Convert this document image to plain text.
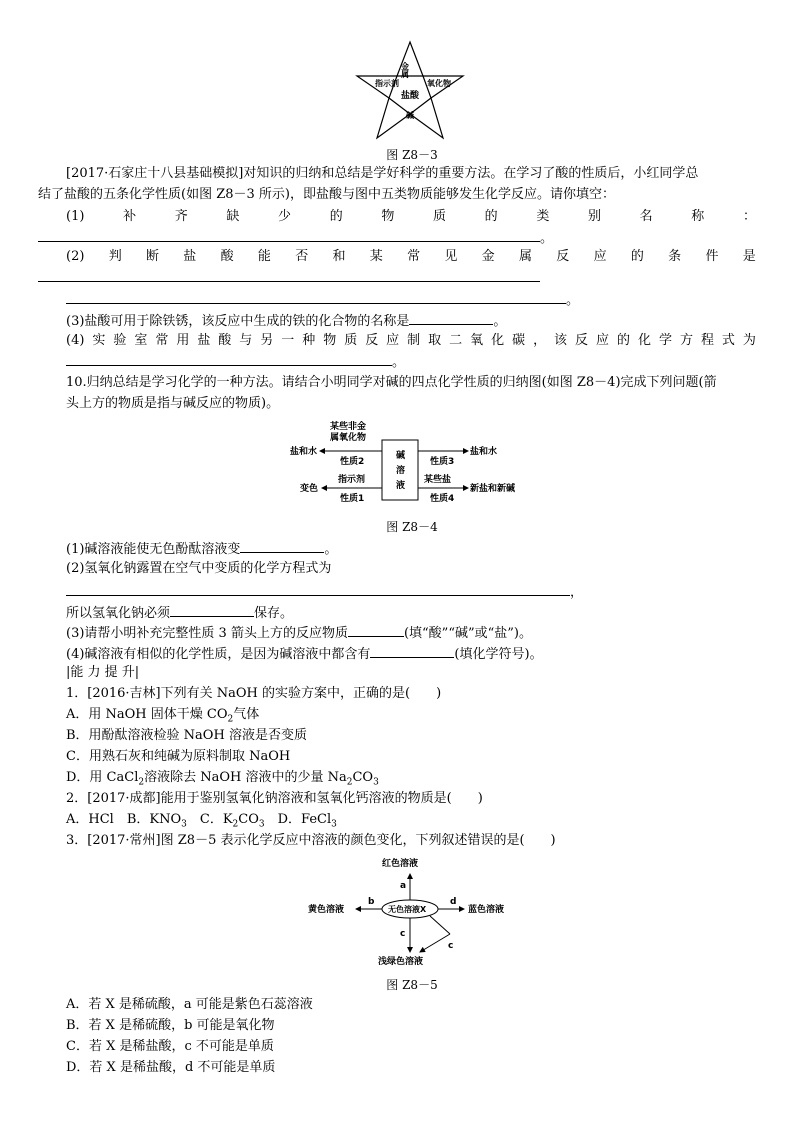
金属
指示剂	氧化物
盐酸
碱
图 Z8－3
[2017·石家庄十八县基础模拟]对知识的归纳和总结是学好科学的重要方法。在学习了酸的性质后，小红同学总
结了盐酸的五条化学性质(如图 Z8－3 所示)，即盐酸与图中五类物质能够发生化学反应。请你填空：
(1)	补	齐	缺	少	的	物	质	的	类	别	名	称	：
。
(2) 判 断 盐 酸 能 否 和 某 常 见 金 属 反 应 的 条 件 是
。
(3)盐酸可用于除铁锈，该反应中生成的铁的化合物的名称是	。
(4) 实 验 室 常 用 盐 酸 与 另 一 种 物 质 反 应 制 取 二 氧 化 碳 ， 该 反 应 的 化 学 方 程 式 为
。
10.归纳总结是学习化学的一种方法。请结合小明同学对碱的四点化学性质的归纳图(如图 Z8－4)完成下列问题(箭
头上方的物质是指与碱反应的物质)。
碱
溶
液
某些非金
属氧化物
盐和水
性质2
指示剂
变色
性质1
盐和水
性质3
某些盐
新盐和新碱
性质4
图 Z8－4
(1)碱溶液能使无色酚酞溶液变	。
(2)氢氧化钠露置在空气中变质的化学方程式为
，
所以氢氧化钠必须	保存。
(3)请帮小明补充完整性质 3 箭头上方的反应物质	(填“酸”“碱”或“盐”)。
(4)碱溶液有相似的化学性质，是因为碱溶液中都含有	(填化学符号)。
|能 力 提 升|
1．[2016·吉林]下列有关 NaOH 的实验方案中，正确的是(　　)
A．用 NaOH 固体干燥 $CO_2$气体
B．用酚酞溶液检验 NaOH 溶液是否变质
C．用熟石灰和纯碱为原料制取 NaOH
D．用 CaCl$_2$溶液除去 NaOH 溶液中的少量 $Na_2CO_3$
2．[2017·成都]能用于鉴别氢氧化钠溶液和氢氧化钙溶液的物质是(　　)
A．HCl　B．$KNO_3$　C．$K_2CO_3$　D．FeCl$_3$
3．[2017·常州]图 Z8－5 表示化学反应中溶液的颜色变化，下列叙述错误的是(　　)
红色溶液
黄色溶液	蓝色溶液
浅绿色溶液
无色溶液X
a
b	d
c
c
图 Z8－5
A．若 X 是稀硫酸，a 可能是紫色石蕊溶液
B．若 X 是稀硫酸，b 可能是氧化物
C．若 X 是稀盐酸，c 不可能是单质
D．若 X 是稀盐酸，d 不可能是单质
